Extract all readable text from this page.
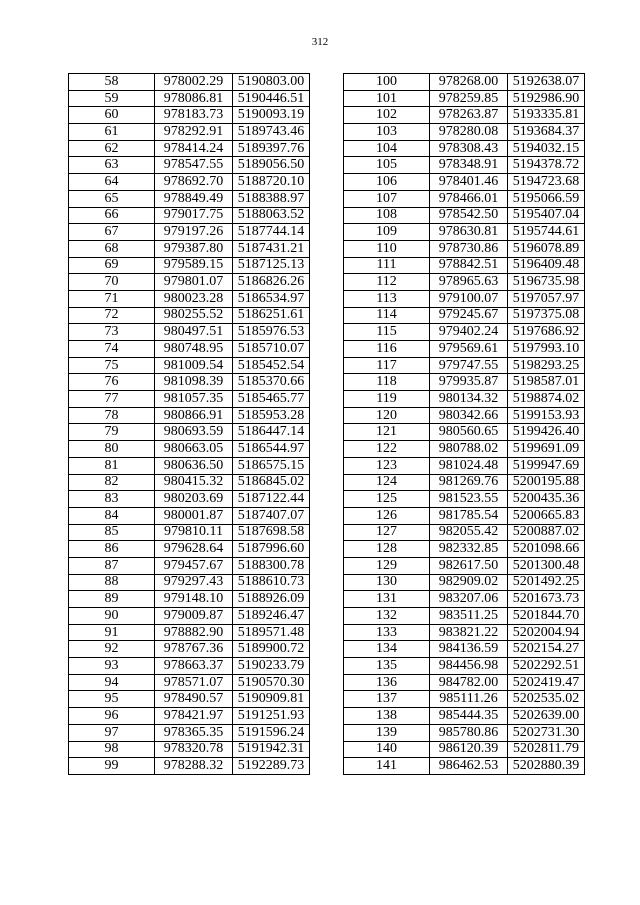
312
58	978002.29	5190803.00
59	978086.81	5190446.51
60	978183.73	5190093.19
61	978292.91	5189743.46
62	978414.24	5189397.76
63	978547.55	5189056.50
64	978692.70	5188720.10
65	978849.49	5188388.97
66	979017.75	5188063.52
67	979197.26	5187744.14
68	979387.80	5187431.21
69	979589.15	5187125.13
70	979801.07	5186826.26
71	980023.28	5186534.97
72	980255.52	5186251.61
73	980497.51	5185976.53
74	980748.95	5185710.07
75	981009.54	5185452.54
76	981098.39	5185370.66
77	981057.35	5185465.77
78	980866.91	5185953.28
79	980693.59	5186447.14
80	980663.05	5186544.97
81	980636.50	5186575.15
82	980415.32	5186845.02
83	980203.69	5187122.44
84	980001.87	5187407.07
85	979810.11	5187698.58
86	979628.64	5187996.60
87	979457.67	5188300.78
88	979297.43	5188610.73
89	979148.10	5188926.09
90	979009.87	5189246.47
91	978882.90	5189571.48
92	978767.36	5189900.72
93	978663.37	5190233.79
94	978571.07	5190570.30
95	978490.57	5190909.81
96	978421.97	5191251.93
97	978365.35	5191596.24
98	978320.78	5191942.31
99	978288.32	5192289.73
100	978268.00	5192638.07
101	978259.85	5192986.90
102	978263.87	5193335.81
103	978280.08	5193684.37
104	978308.43	5194032.15
105	978348.91	5194378.72
106	978401.46	5194723.68
107	978466.01	5195066.59
108	978542.50	5195407.04
109	978630.81	5195744.61
110	978730.86	5196078.89
111	978842.51	5196409.48
112	978965.63	5196735.98
113	979100.07	5197057.97
114	979245.67	5197375.08
115	979402.24	5197686.92
116	979569.61	5197993.10
117	979747.55	5198293.25
118	979935.87	5198587.01
119	980134.32	5198874.02
120	980342.66	5199153.93
121	980560.65	5199426.40
122	980788.02	5199691.09
123	981024.48	5199947.69
124	981269.76	5200195.88
125	981523.55	5200435.36
126	981785.54	5200665.83
127	982055.42	5200887.02
128	982332.85	5201098.66
129	982617.50	5201300.48
130	982909.02	5201492.25
131	983207.06	5201673.73
132	983511.25	5201844.70
133	983821.22	5202004.94
134	984136.59	5202154.27
135	984456.98	5202292.51
136	984782.00	5202419.47
137	985111.26	5202535.02
138	985444.35	5202639.00
139	985780.86	5202731.30
140	986120.39	5202811.79
141	986462.53	5202880.39
